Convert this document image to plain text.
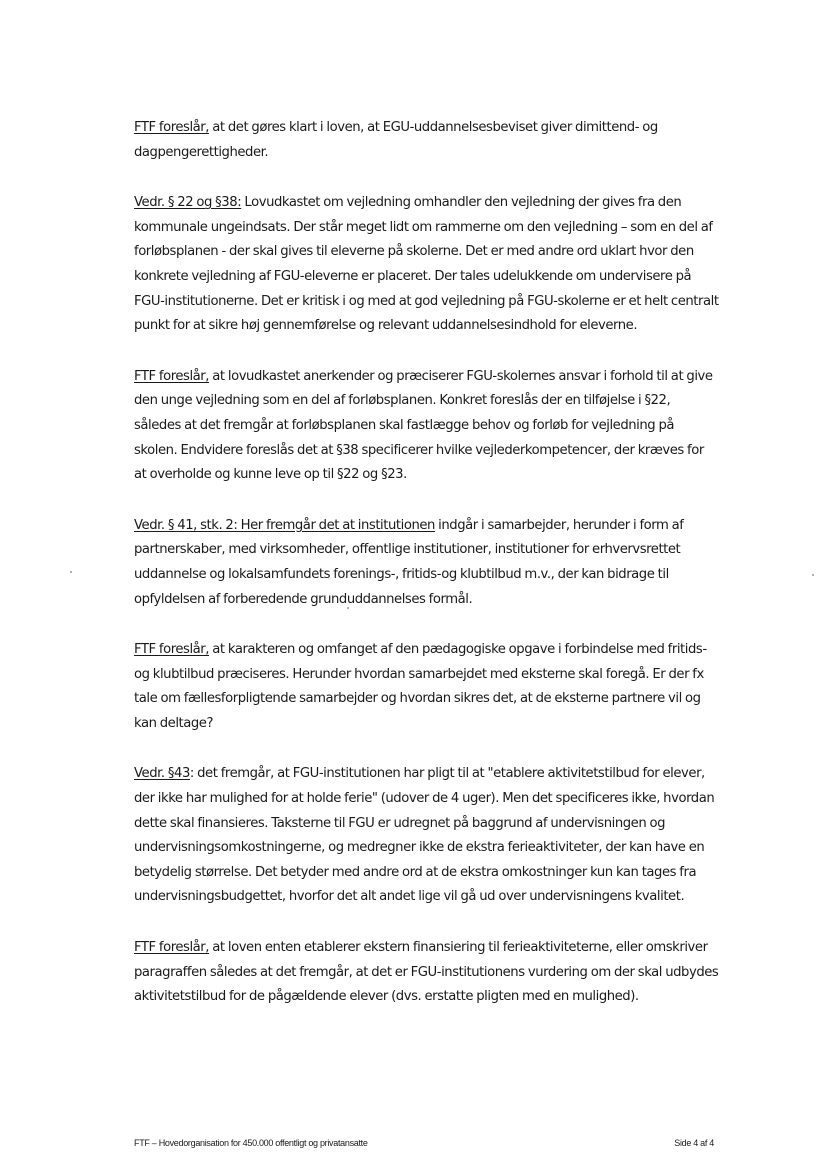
FTF foreslår, at det gøres klart i loven, at EGU-uddannelsesbeviset giver dimittend- og dagpengerettigheder.

Vedr. § 22 og §38: Lovudkastet om vejledning omhandler den vejledning der gives fra den kommunale ungeindsats. Der står meget lidt om rammerne om den vejledning – som en del af forløbsplanen - der skal gives til eleverne på skolerne. Det er med andre ord uklart hvor den konkrete vejledning af FGU-eleverne er placeret. Der tales udelukkende om undervisere på FGU-institutionerne. Det er kritisk i og med at god vejledning på FGU-skolerne er et helt centralt punkt for at sikre høj gennemførelse og relevant uddannelsesindhold for eleverne.

FTF foreslår, at lovudkastet anerkender og præciserer FGU-skolernes ansvar i forhold til at give den unge vejledning som en del af forløbsplanen. Konkret foreslås der en tilføjelse i §22, således at det fremgår at forløbsplanen skal fastlægge behov og forløb for vejledning på skolen. Endvidere foreslås det at §38 specificerer hvilke vejlederkompetencer, der kræves for at overholde og kunne leve op til §22 og §23.

Vedr. § 41, stk. 2: Her fremgår det at institutionen indgår i samarbejder, herunder i form af partnerskaber, med virksomheder, offentlige institutioner, institutioner for erhvervsrettet uddannelse og lokalsamfundets forenings-, fritids-og klubtilbud m.v., der kan bidrage til opfyldelsen af forberedende grunduddannelses formål.

FTF foreslår, at karakteren og omfanget af den pædagogiske opgave i forbindelse med fritids- og klubtilbud præciseres. Herunder hvordan samarbejdet med eksterne skal foregå. Er der fx tale om fællesforpligtende samarbejder og hvordan sikres det, at de eksterne partnere vil og kan deltage?

Vedr. §43: det fremgår, at FGU-institutionen har pligt til at "etablere aktivitetstilbud for elever, der ikke har mulighed for at holde ferie" (udover de 4 uger). Men det specificeres ikke, hvordan dette skal finansieres. Taksterne til FGU er udregnet på baggrund af undervisningen og undervisningsomkostningerne, og medregner ikke de ekstra ferieaktiviteter, der kan have en betydelig størrelse. Det betyder med andre ord at de ekstra omkostninger kun kan tages fra undervisningsbudgettet, hvorfor det alt andet lige vil gå ud over undervisningens kvalitet.

FTF foreslår, at loven enten etablerer ekstern finansiering til ferieaktiviteterne, eller omskriver paragraffen således at det fremgår, at det er FGU-institutionens vurdering om der skal udbydes aktivitetstilbud for de pågældende elever (dvs. erstatte pligten med en mulighed).

FTF – Hovedorganisation for 450.000 offentligt og privatansatte	Side 4 af 4
